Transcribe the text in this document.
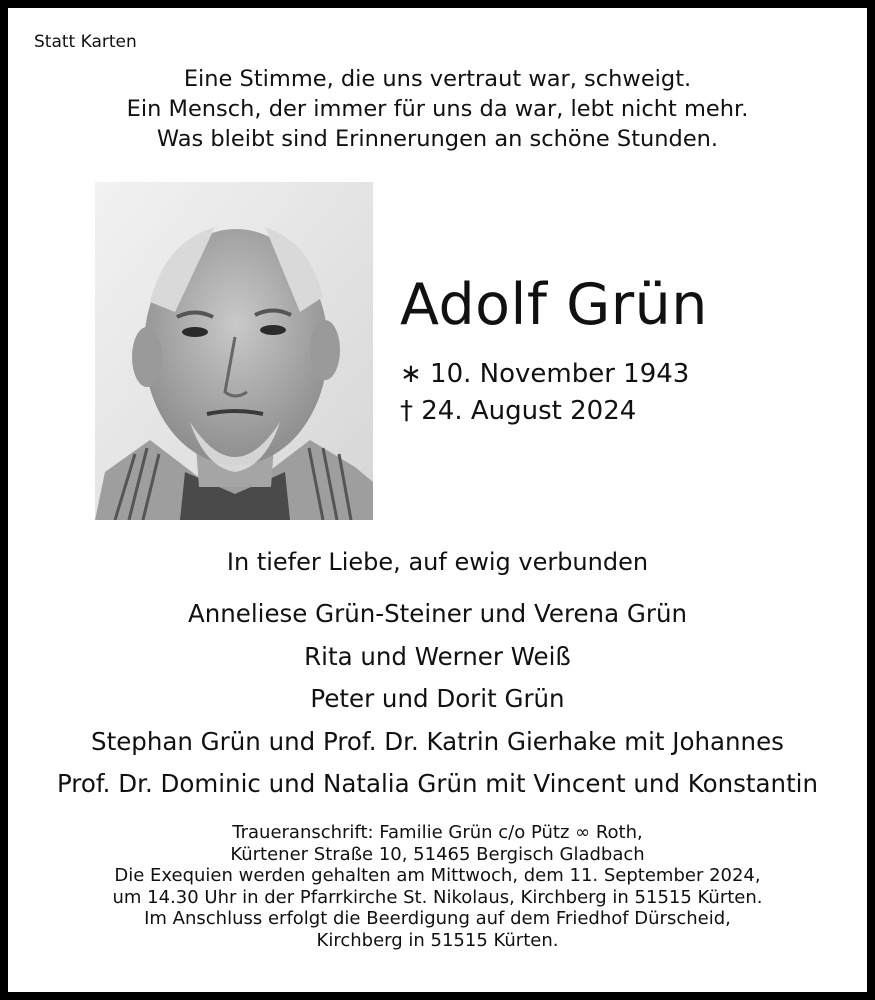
Statt Karten
Eine Stimme, die uns vertraut war, schweigt.
Ein Mensch, der immer für uns da war, lebt nicht mehr.
Was bleibt sind Erinnerungen an schöne Stunden.
Adolf Grün
∗ 10. November 1943
† 24. August 2024
In tiefer Liebe, auf ewig verbunden
Anneliese Grün-Steiner und Verena Grün
Rita und Werner Weiß
Peter und Dorit Grün
Stephan Grün und Prof. Dr. Katrin Gierhake mit Johannes
Prof. Dr. Dominic und Natalia Grün mit Vincent und Konstantin
Traueranschrift: Familie Grün c/o Pütz ∞ Roth,
Kürtener Straße 10, 51465 Bergisch Gladbach
Die Exequien werden gehalten am Mittwoch, dem 11. September 2024,
um 14.30 Uhr in der Pfarrkirche St. Nikolaus, Kirchberg in 51515 Kürten.
Im Anschluss erfolgt die Beerdigung auf dem Friedhof Dürscheid,
Kirchberg in 51515 Kürten.
